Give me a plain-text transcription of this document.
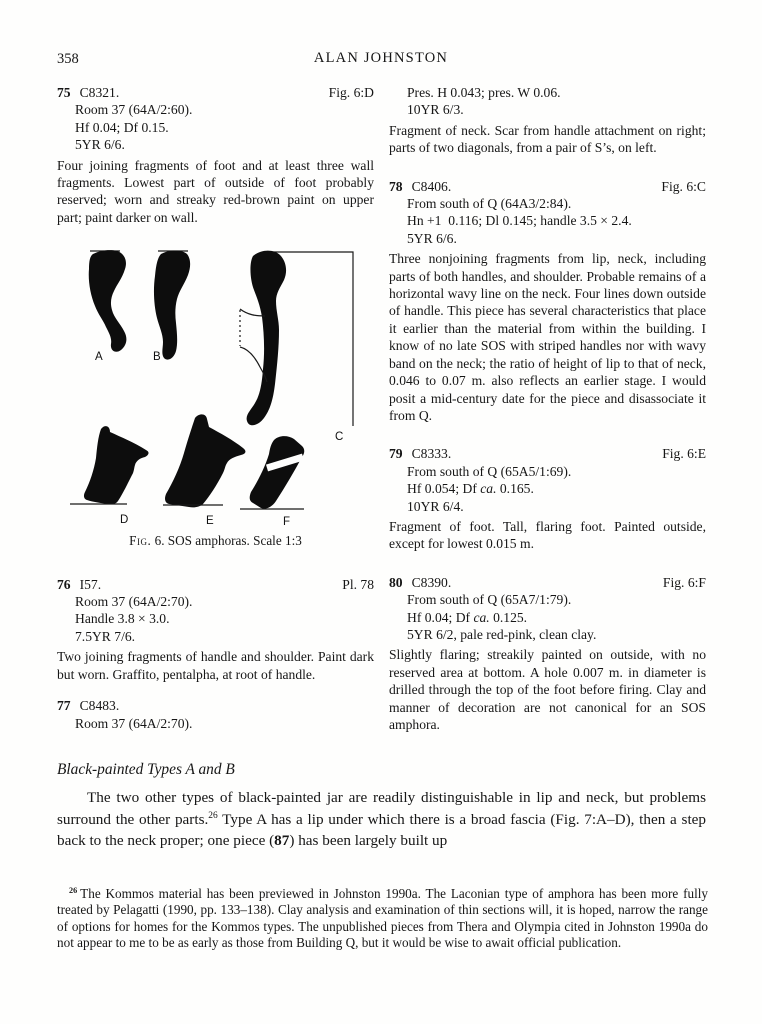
358	ALAN JOHNSTON
75 C8321.	Fig. 6:D
Room 37 (64A/2:60).
Hf 0.04; Df 0.15.
5YR 6/6.

Four joining fragments of foot and at least three wall fragments. Lowest part of outside of foot probably reserved; worn and streaky red-brown paint on upper part; paint darker on wall.

A	B
C
D	E	F
Fig. 6. SOS amphoras. Scale 1:3
76 I57.	Pl. 78
Room 37 (64A/2:70).
Handle 3.8 × 3.0.
7.5YR 7/6.

Two joining fragments of handle and shoulder. Paint dark but worn. Graffito, pentalpha, at root of handle.

77 C8483.
Room 37 (64A/2:70).
Pres. H 0.043; pres. W 0.06.
10YR 6/3.

Fragment of neck. Scar from handle attachment on right; parts of two diagonals, from a pair of S’s, on left.

78 C8406.	Fig. 6:C
From south of Q (64A3/2:84).
Hn +1 0.116; Dl 0.145; handle 3.5 × 2.4.
5YR 6/6.

Three nonjoining fragments from lip, neck, including parts of both handles, and shoulder. Probable remains of a horizontal wavy line on the neck. Four lines down outside of handle. This piece has several characteristics that place it earlier than the material from within the building. I know of no late SOS with striped handles nor with wavy band on the neck; the ratio of height of lip to that of neck, 0.046 to 0.07 m. also reflects an earlier stage. I would posit a mid-century date for the piece and disassociate it from Q.

79 C8333.	Fig. 6:E
From south of Q (65A5/1:69).
Hf 0.054; Df ca. 0.165.
10YR 6/4.

Fragment of foot. Tall, flaring foot. Painted outside, except for lowest 0.015 m.

80 C8390.	Fig. 6:F
From south of Q (65A7/1:79).
Hf 0.04; Df ca. 0.125.
5YR 6/2, pale red-pink, clean clay.

Slightly flaring; streakily painted on outside, with no reserved area at bottom. A hole 0.007 m. in diameter is drilled through the top of the foot before firing. Clay and manner of decoration are not canonical for an SOS amphora.

Black-painted Types A and B

The two other types of black-painted jar are readily distinguishable in lip and neck, but problems surround the other parts.$^{26}$ Type A has a lip under which there is a broad fascia (Fig. 7:A–D), then a step back to the neck proper; one piece (87) has been largely built up

$^{26}$ The Kommos material has been previewed in Johnston 1990a. The Laconian type of amphora has been more fully treated by Pelagatti (1990, pp. 133–138). Clay analysis and examination of thin sections will, it is hoped, narrow the range of options for homes for the Kommos types. The unpublished pieces from Thera and Olympia cited in Johnston 1990a do not appear to me to be as early as those from Building Q, but it would be wise to await official publication.
